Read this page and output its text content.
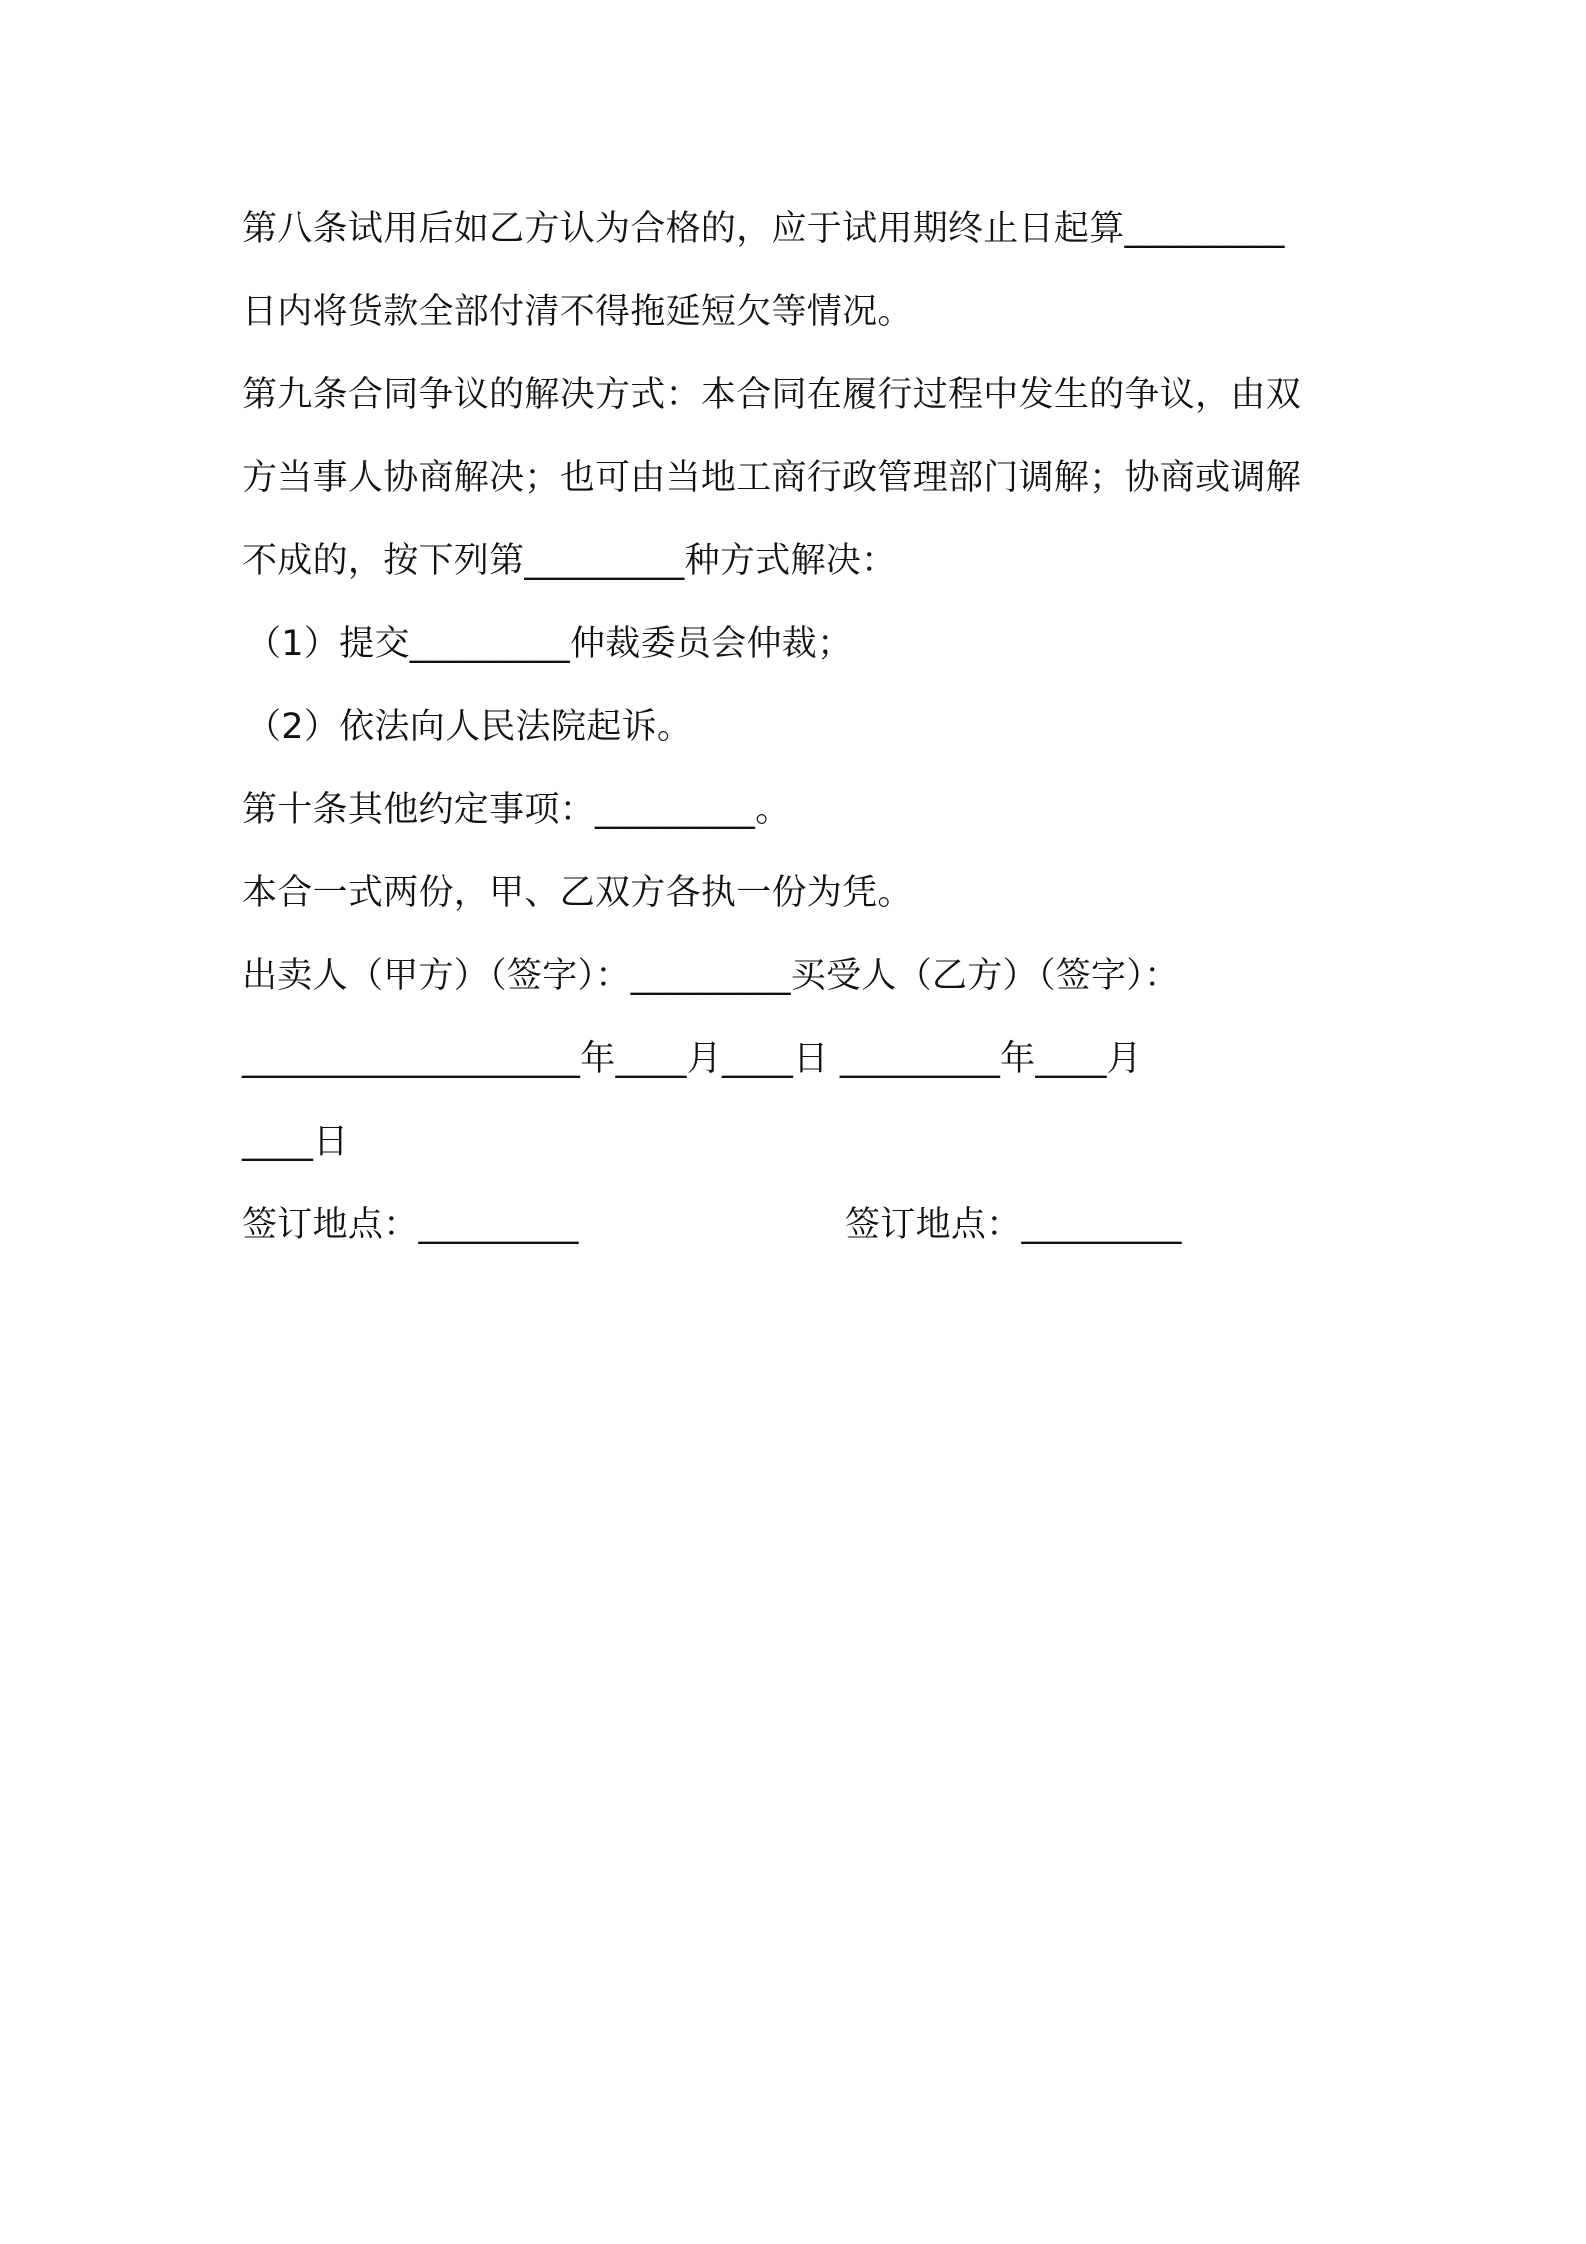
第八条试用后如乙方认为合格的，应于试用期终止日起算_________
日内将货款全部付清不得拖延短欠等情况。
第九条合同争议的解决方式：本合同在履行过程中发生的争议，由双
方当事人协商解决；也可由当地工商行政管理部门调解；协商或调解
不成的，按下列第_________种方式解决：
（1）提交_________仲裁委员会仲裁；
（2）依法向人民法院起诉。
第十条其他约定事项：_________。
本合一式两份，甲、乙双方各执一份为凭。
出卖人（甲方）（签字）：_________买受人（乙方）（签字）：
___________________年____月____日 _________年____月
____日
签订地点：_________	签订地点：_________
